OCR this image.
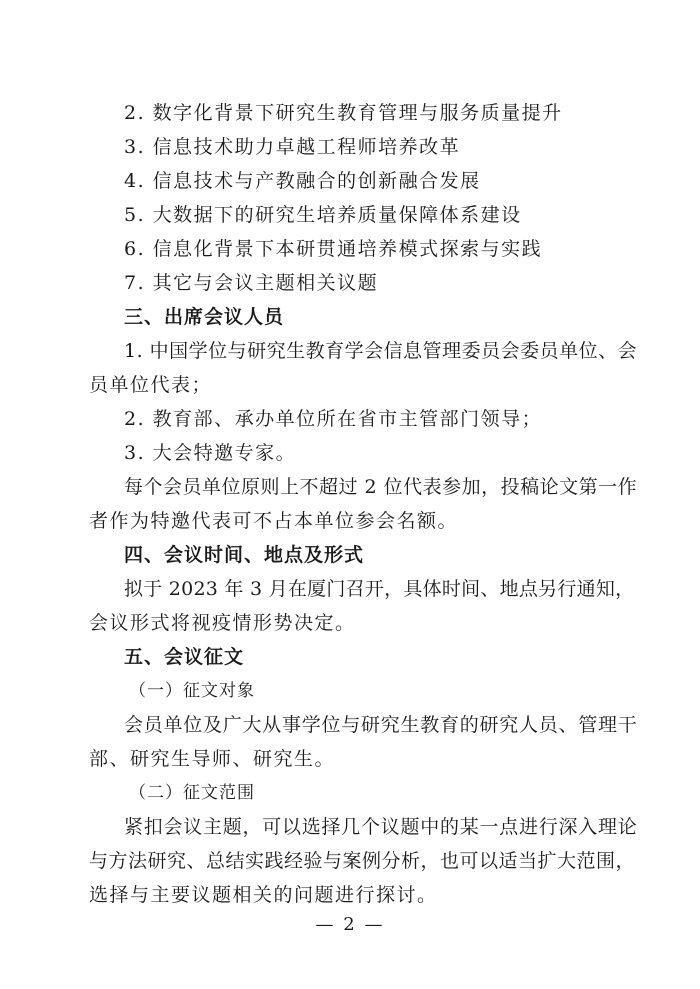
2. 数字化背景下研究生教育管理与服务质量提升
3. 信息技术助力卓越工程师培养改革
4. 信息技术与产教融合的创新融合发展
5. 大数据下的研究生培养质量保障体系建设
6. 信息化背景下本研贯通培养模式探索与实践
7. 其它与会议主题相关议题
三、出席会议人员
1. 中国学位与研究生教育学会信息管理委员会委员单位、会
员单位代表；
2. 教育部、承办单位所在省市主管部门领导；
3. 大会特邀专家。
每个会员单位原则上不超过 2 位代表参加，投稿论文第一作
者作为特邀代表可不占本单位参会名额。
四、会议时间、地点及形式
拟于 2023 年 3 月在厦门召开，具体时间、地点另行通知，
会议形式将视疫情形势决定。
五、会议征文
（一）征文对象
会员单位及广大从事学位与研究生教育的研究人员、管理干
部、研究生导师、研究生。
（二）征文范围
紧扣会议主题，可以选择几个议题中的某一点进行深入理论
与方法研究、总结实践经验与案例分析，也可以适当扩大范围，
选择与主要议题相关的问题进行探讨。
— 2 —
